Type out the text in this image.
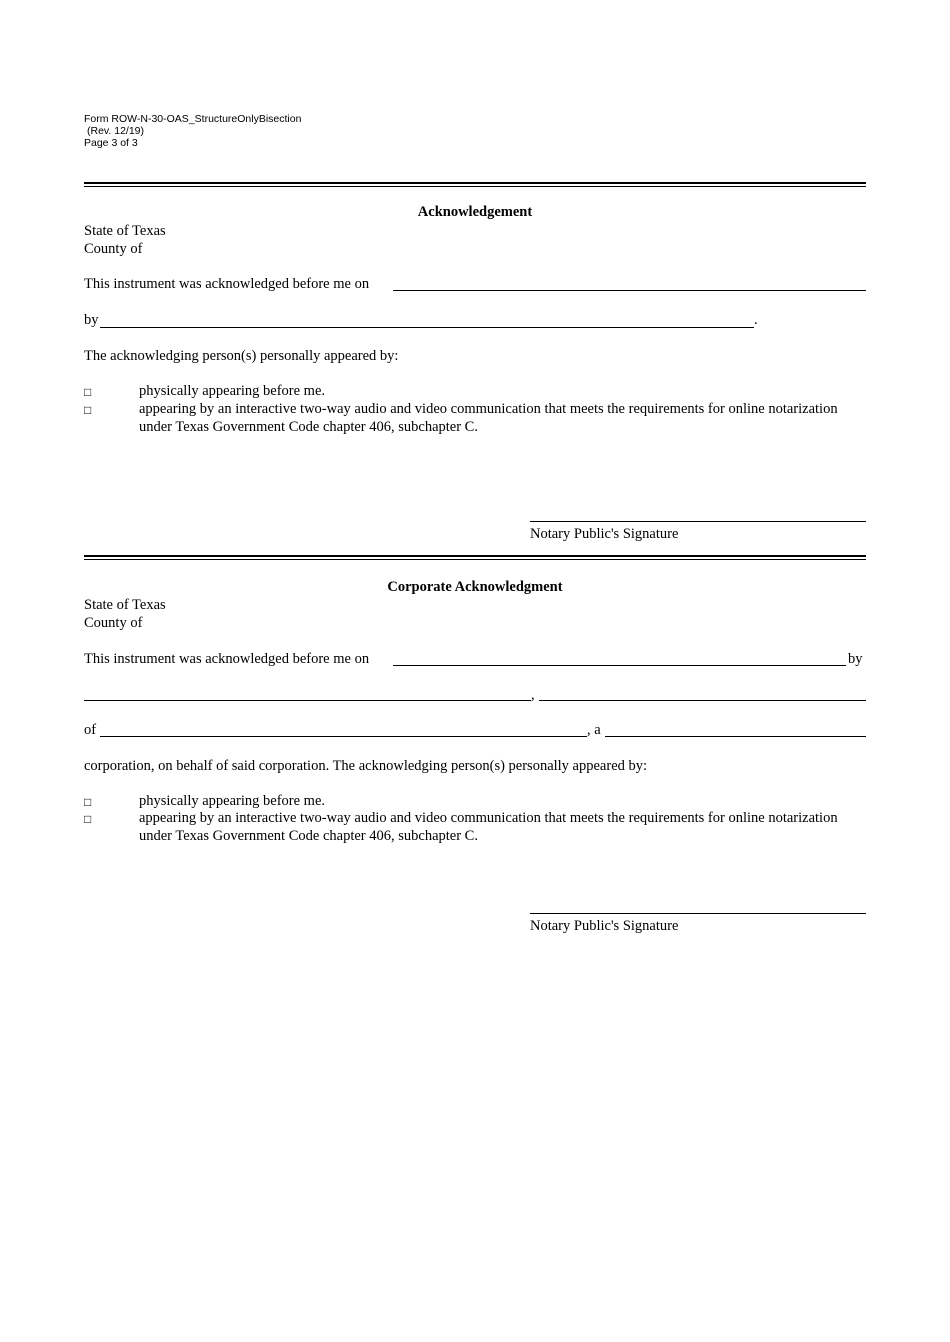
Form ROW-N-30-OAS_StructureOnlyBisection
(Rev. 12/19)
Page 3 of 3
Acknowledgement
State of Texas
County of
This instrument was acknowledged before me on
by	.
The acknowledging person(s) personally appeared by:
□	physically appearing before me.
□	appearing by an interactive two-way audio and video communication that meets the requirements for online notarization under Texas Government Code chapter 406, subchapter C.
Notary Public's Signature
Corporate Acknowledgment
State of Texas
County of
This instrument was acknowledged before me on	by
,
of	, a
corporation, on behalf of said corporation. The acknowledging person(s) personally appeared by:
□	physically appearing before me.
□	appearing by an interactive two-way audio and video communication that meets the requirements for online notarization under Texas Government Code chapter 406, subchapter C.
Notary Public's Signature
